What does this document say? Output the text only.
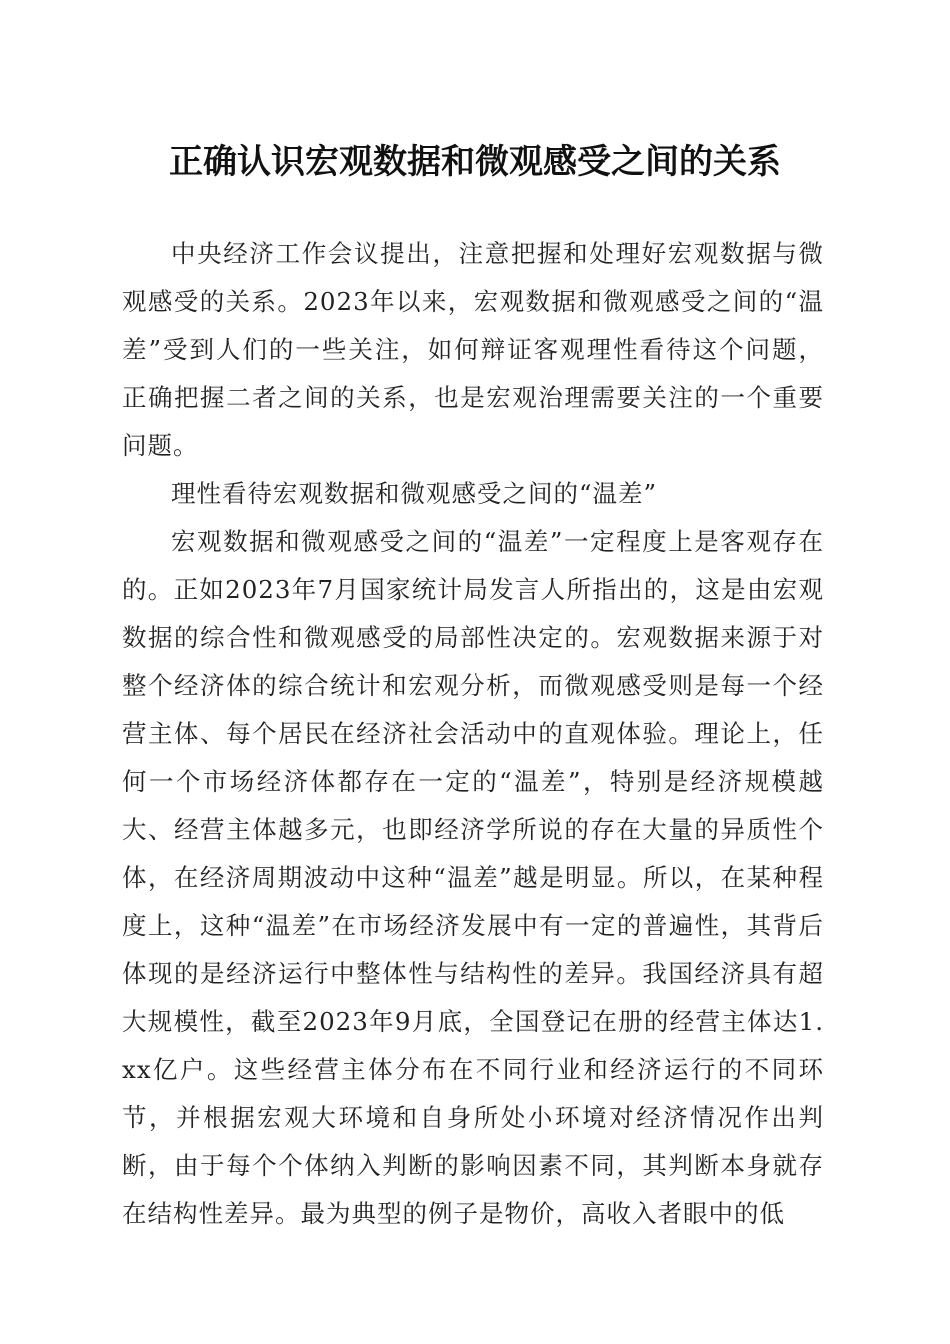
正确认识宏观数据和微观感受之间的关系

中央经济工作会议提出，注意把握和处理好宏观数据与微观感受的关系。2023年以来，宏观数据和微观感受之间的“温差”受到人们的一些关注，如何辩证客观理性看待这个问题，正确把握二者之间的关系，也是宏观治理需要关注的一个重要问题。

理性看待宏观数据和微观感受之间的“温差”

宏观数据和微观感受之间的“温差”一定程度上是客观存在的。正如2023年7月国家统计局发言人所指出的，这是由宏观数据的综合性和微观感受的局部性决定的。宏观数据来源于对整个经济体的综合统计和宏观分析，而微观感受则是每一个经营主体、每个居民在经济社会活动中的直观体验。理论上，任何一个市场经济体都存在一定的“温差”，特别是经济规模越大、经营主体越多元，也即经济学所说的存在大量的异质性个体，在经济周期波动中这种“温差”越是明显。所以，在某种程度上，这种“温差”在市场经济发展中有一定的普遍性，其背后体现的是经济运行中整体性与结构性的差异。我国经济具有超大规模性，截至2023年9月底，全国登记在册的经营主体达1.xx亿户。这些经营主体分布在不同行业和经济运行的不同环节，并根据宏观大环境和自身所处小环境对经济情况作出判断，由于每个个体纳入判断的影响因素不同，其判断本身就存在结构性差异。最为典型的例子是物价，高收入者眼中的低
